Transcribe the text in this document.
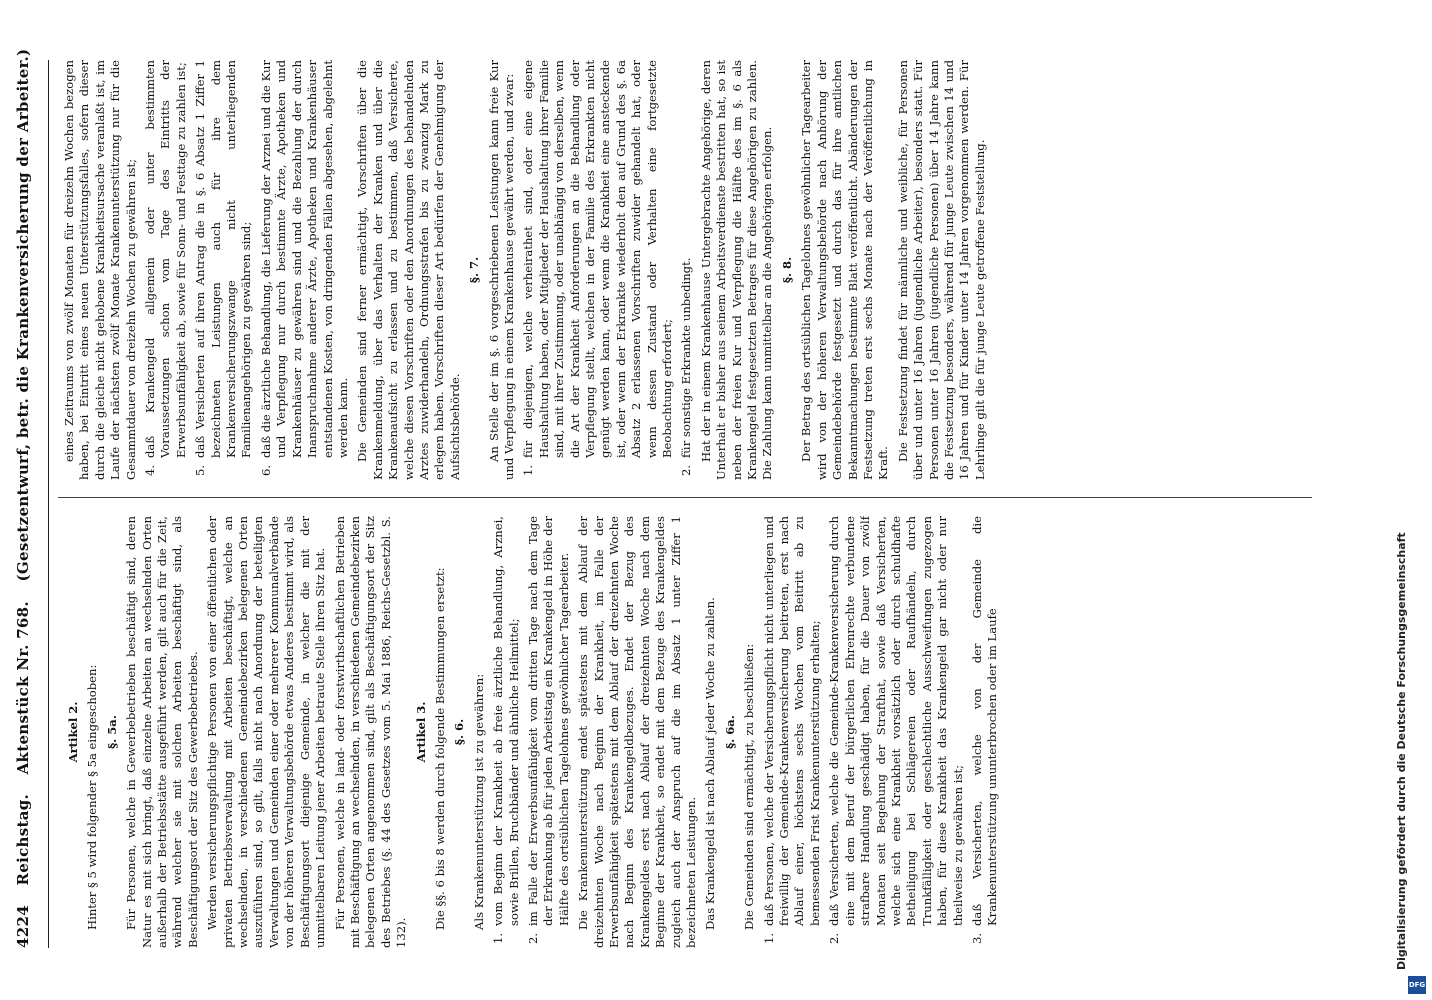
4224 Reichstag. Aktenstück Nr. 768. (Gesetzentwurf, betr. die Krankenversicherung der Arbeiter.)

Artikel 2. Hinter § 5 wird folgender § 5a eingeschoben: §. 5a. Für Personen, welche in Gewerbebetrieben beschäftigt sind, deren Natur es mit sich bringt, daß einzelne Arbeiten an wechselnden Orten außerhalb der Betriebsstätte ausgeführt werden, gilt auch für die Zeit, während welcher sie mit solchen Arbeiten beschäftigt sind, als Beschäftigungsort der Sitz des Gewerbebetriebes. Werden versicherungspflichtige Personen von einer öffentlichen oder privaten Betriebsverwaltung mit Arbeiten beschäftigt, welche an wechselnden, in verschiedenen Gemeindebezirken belegenen Orten auszuführen sind, so gilt, falls nicht nach Anordnung der beteiligten Verwaltungen und Gemeinden einer oder mehrerer Kommunalverbände von der höheren Verwaltungsbehörde etwas Anderes bestimmt wird, als Beschäftigungsort diejenige Gemeinde, in welcher die mit der unmittelbaren Leitung jener Arbeiten betraute Stelle ihren Sitz hat. Für Personen, welche in land- oder forstwirthschaftlichen Betrieben mit Beschäftigung an wechselnden, in verschiedenen Gemeindebezirken belegenen Orten angenommen sind, gilt als Beschäftigungsort der Sitz des Betriebes (§. 44 des Gesetzes vom 5. Mai 1886, Reichs-Gesetzbl. S. 132).

Artikel 3. Die §§. 6 bis 8 werden durch folgende Bestimmungen ersetzt: §. 6. Als Krankenunterstützung ist zu gewähren:

1.
vom Beginn der Krankheit ab freie ärztliche Behandlung, Arznei, sowie Brillen, Bruchbänder und ähnliche Heilmittel;

2.
im Falle der Erwerbsunfähigkeit vom dritten Tage nach dem Tage der Erkrankung ab für jeden Arbeitstag ein Krankengeld in Höhe der Hälfte des ortsüblichen Tagelohnes gewöhnlicher Tagearbeiter. Die Krankenunterstützung endet spätestens mit dem Ablauf der dreizehnten Woche nach Beginn der Krankheit, im Falle der Erwerbsunfähigkeit spätestens mit dem Ablauf der dreizehnten Woche nach Beginn des Krankengeldbezuges. Endet der Bezug des Krankengeldes erst nach Ablauf der dreizehnten Woche nach dem Beginne der Krankheit, so endet mit dem Bezuge des Krankengeldes zugleich auch der Anspruch auf die im Absatz 1 unter Ziffer 1 bezeichneten Leistungen. Das Krankengeld ist nach Ablauf jeder Woche zu zahlen. §. 6a. Die Gemeinden sind ermächtigt, zu beschließen:

1.
daß Personen, welche der Versicherungspflicht nicht unterliegen und freiwillig der Gemeinde-Krankenversicherung beitreten, erst nach Ablauf einer, höchstens sechs Wochen vom Beitritt ab zu bemessenden Frist Krankenunterstützung erhalten;

2.
daß Versicherten, welche die Gemeinde-Krankenversicherung durch eine mit dem Beruf der bürgerlichen Ehrenrechte verbundene strafbare Handlung geschädigt haben, für die Dauer von zwölf Monaten seit Begehung der Strafthat, sowie daß Versicherten, welche sich eine Krankheit vorsätzlich oder durch schuldhafte Betheiligung bei Schlägereien oder Raufhändeln, durch Trunkfälligkeit oder geschlechtliche Ausschweifungen zugezogen haben, für diese Krankheit das Krankengeld gar nicht oder nur theilweise zu gewähren ist;

3.
daß Versicherten, welche von der Gemeinde die Krankenunterstützung ununterbrochen oder im Laufe

eines Zeitraums von zwölf Monaten für dreizehn Wochen bezogen haben, bei Eintritt eines neuen Unterstützungsfalles, sofern dieser durch die gleiche nicht gehobene Krankheitsursache veranlaßt ist, im Laufe der nächsten zwölf Monate Krankenunterstützung nur für die Gesammtdauer von dreizehn Wochen zu gewähren ist; 4.
daß Krankengeld allgemein oder unter bestimmten Voraussetzungen schon vom Tage des Eintritts der Erwerbsunfähigkeit ab, sowie für Sonn- und Festtage zu zahlen ist;

5.
daß Versicherten auf ihren Antrag die in §. 6 Absatz 1 Ziffer 1 bezeichneten Leistungen auch für ihre dem Krankenversicherungszwange nicht unterliegenden Familienangehörigen zu gewähren sind;

6.
daß die ärztliche Behandlung, die Lieferung der Arznei und die Kur und Verpflegung nur durch bestimmte Ärzte, Apotheken und Krankenhäuser zu gewähren sind und die Bezahlung der durch Inanspruchnahme anderer Ärzte, Apotheken und Krankenhäuser entstandenen Kosten, von dringenden Fällen abgesehen, abgelehnt werden kann. Die Gemeinden sind ferner ermächtigt, Vorschriften über die Krankenmeldung, über das Verhalten der Kranken und über die Krankenaufsicht zu erlassen und zu bestimmen, daß Versicherte, welche diesen Vorschriften oder den Anordnungen des behandelnden Arztes zuwiderhandeln, Ordnungsstrafen bis zu zwanzig Mark zu erlegen haben. Vorschriften dieser Art bedürfen der Genehmigung der Aufsichtsbehörde.

§. 7. An Stelle der im §. 6 vorgeschriebenen Leistungen kann freie Kur und Verpflegung in einem Krankenhause gewährt werden, und zwar: 1.
für diejenigen, welche verheirathet sind, oder eine eigene Haushaltung haben, oder Mitglieder der Haushaltung ihrer Familie sind, mit ihrer Zustimmung, oder unabhängig von derselben, wenn die Art der Krankheit Anforderungen an die Behandlung oder Verpflegung stellt, welchen in der Familie des Erkrankten nicht genügt werden kann, oder wenn die Krankheit eine ansteckende ist, oder wenn der Erkrankte wiederholt den auf Grund des §. 6a Absatz 2 erlassenen Vorschriften zuwider gehandelt hat, oder wenn dessen Zustand oder Verhalten eine fortgesetzte Beobachtung erfordert;

2.
für sonstige Erkrankte unbedingt. Hat der in einem Krankenhause Untergebrachte Angehörige, deren Unterhalt er bisher aus seinem Arbeitsverdienste bestritten hat, so ist neben der freien Kur und Verpflegung die Hälfte des im §. 6 als Krankengeld festgesetzten Betrages für diese Angehörigen zu zahlen. Die Zahlung kann unmittelbar an die Angehörigen erfolgen. §. 8. Der Betrag des ortsüblichen Tagelohnes gewöhnlicher Tagearbeiter wird von der höheren Verwaltungsbehörde nach Anhörung der Gemeindebehörde festgesetzt und durch das für ihre amtlichen Bekanntmachungen bestimmte Blatt veröffentlicht. Abänderungen der Festsetzung treten erst sechs Monate nach der Veröffentlichung in Kraft.

Die Festsetzung findet für männliche und weibliche, für Personen über und unter 16 Jahren (jugendliche Arbeiter), besonders statt. Für Personen unter 16 Jahren (jugendliche Personen) über 14 Jahre kann die Festsetzung besonders, während für junge Leute zwischen 14 und 16 Jahren und für Kinder unter 14 Jahren vorgenommen werden. Für Lehrlinge gilt die für junge Leute getroffene Feststellung.

Digitalisierung gefördert durch die Deutsche Forschungsgemeinschaft
DFG
